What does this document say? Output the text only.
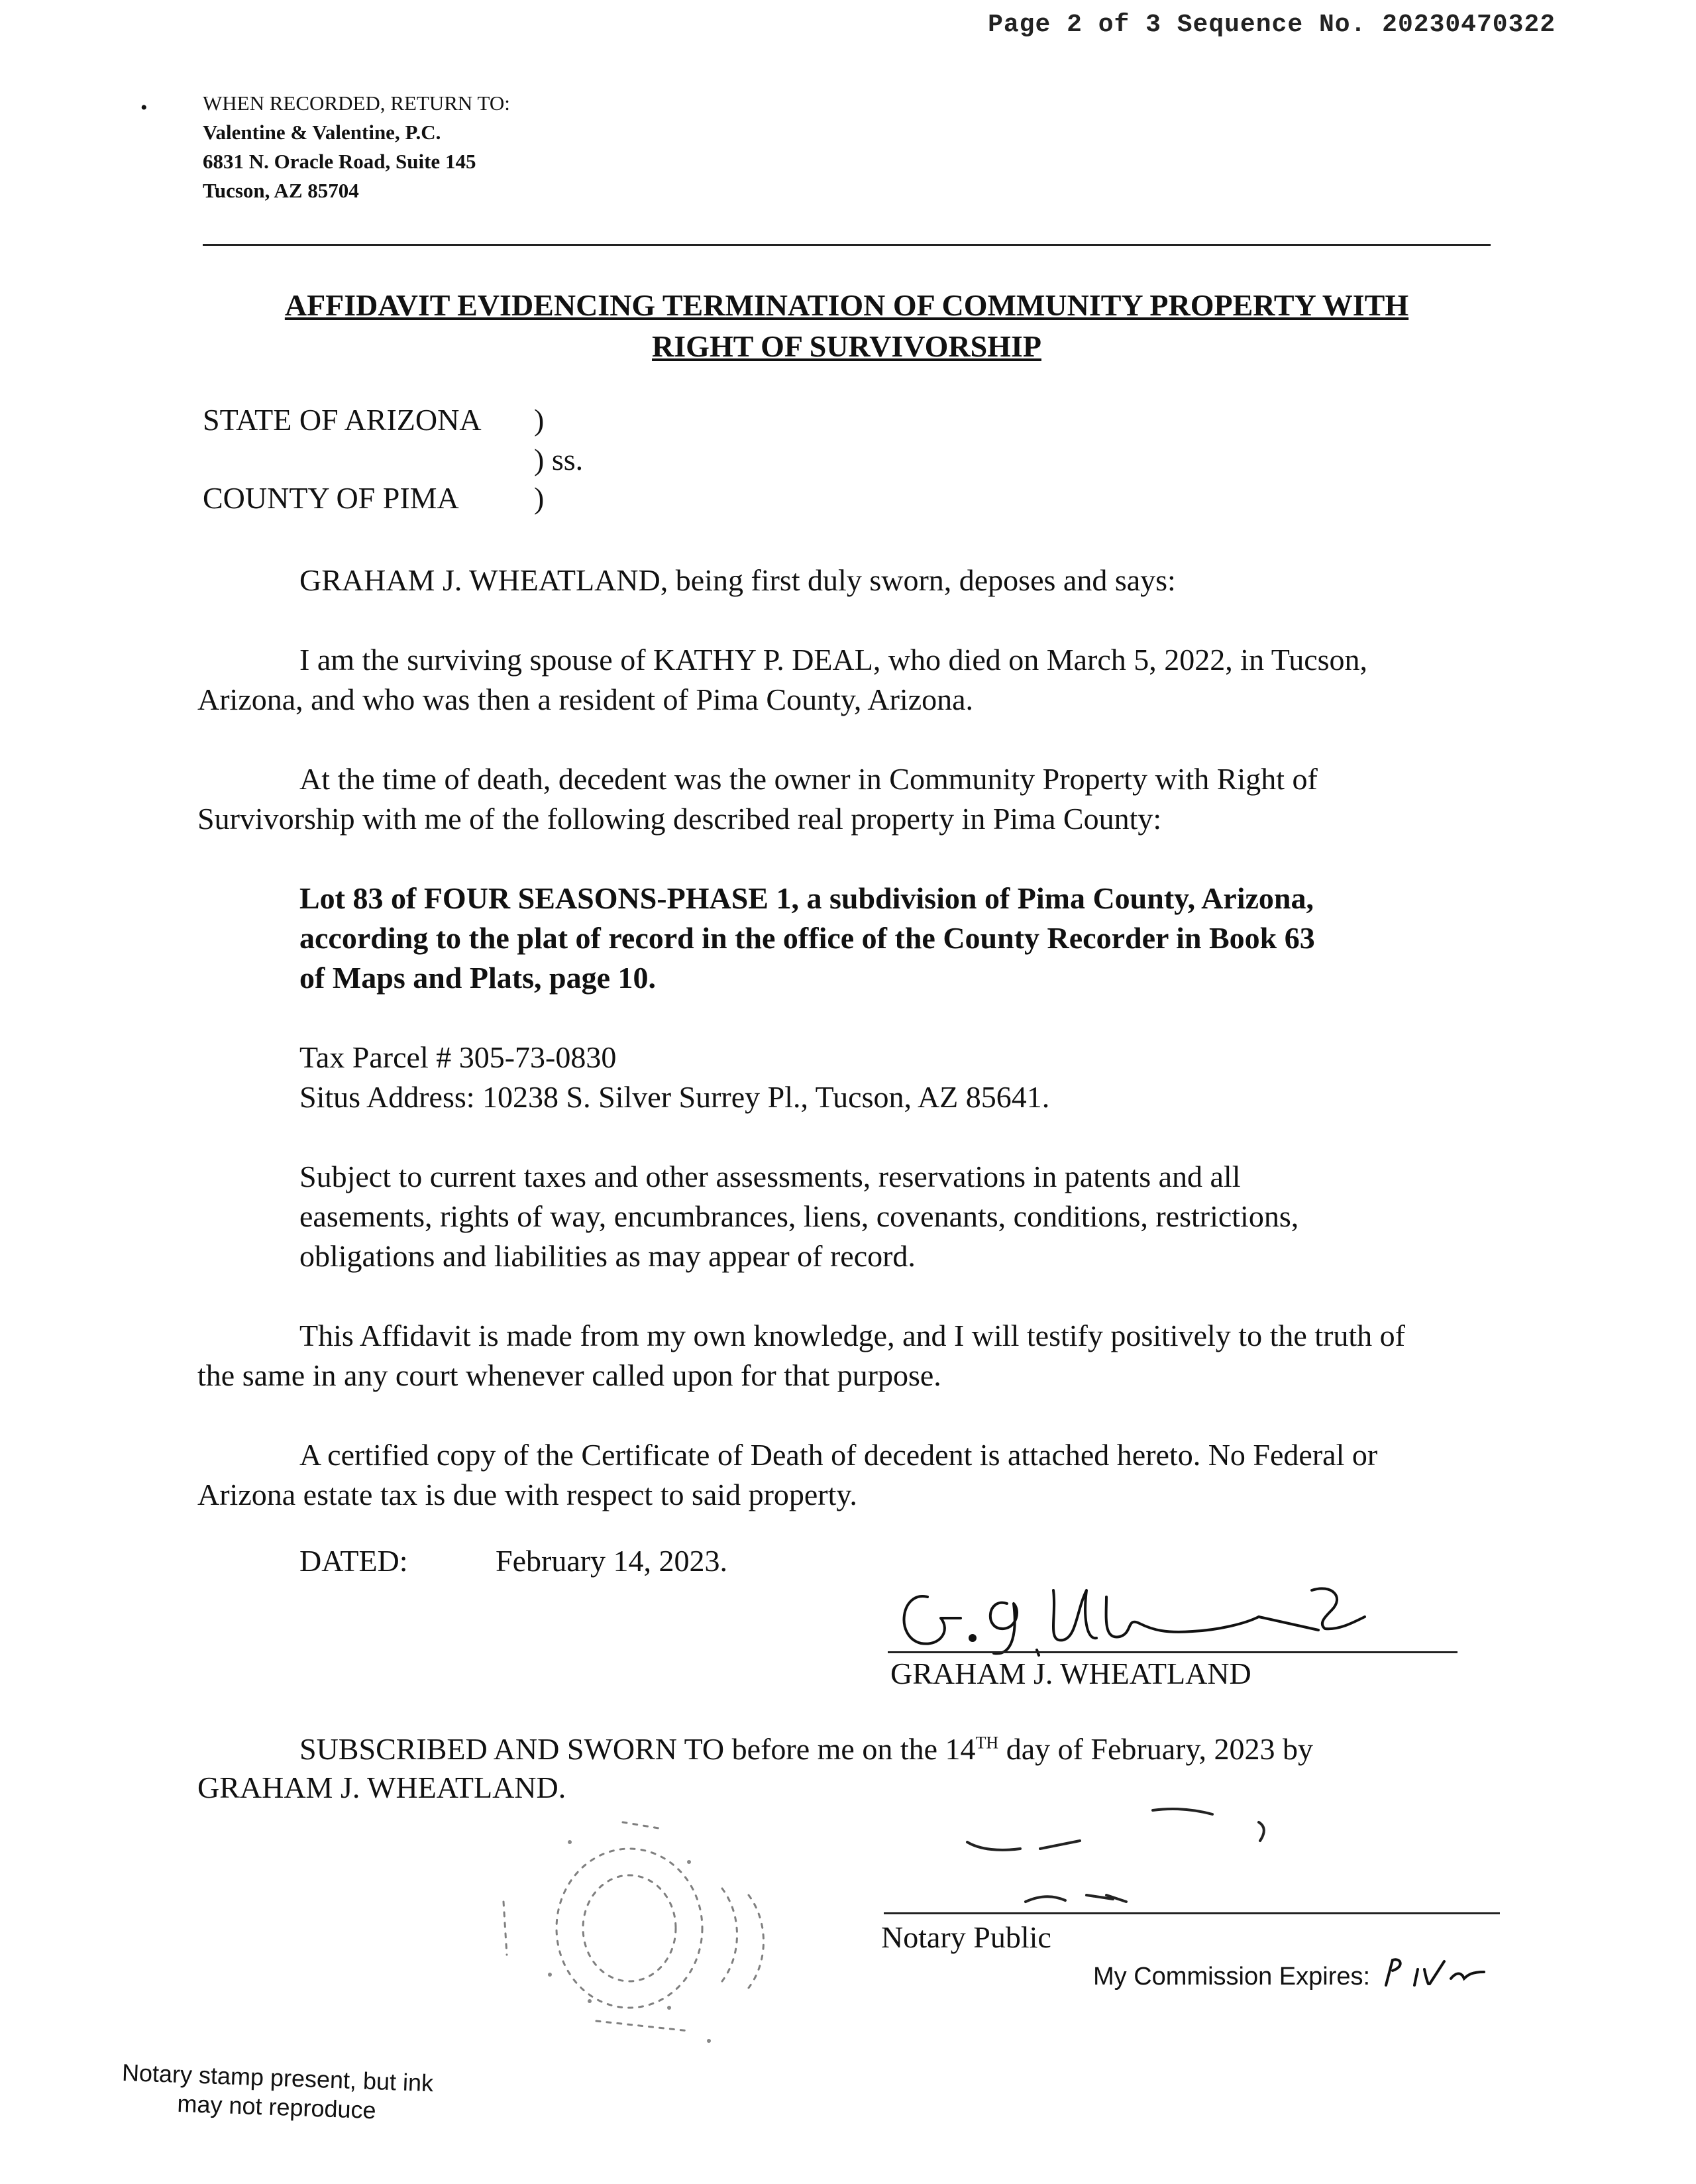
Page 2 of 3 Sequence No. 20230470322
•	WHEN RECORDED, RETURN TO:
Valentine & Valentine, P.C.
6831 N. Oracle Road, Suite 145
Tucson, AZ 85704
AFFIDAVIT EVIDENCING TERMINATION OF COMMUNITY PROPERTY WITH
RIGHT OF SURVIVORSHIP
STATE OF ARIZONA )
) ss.
COUNTY OF PIMA )
GRAHAM J. WHEATLAND, being first duly sworn, deposes and says:
I am the surviving spouse of KATHY P. DEAL, who died on March 5, 2022, in Tucson,
Arizona, and who was then a resident of Pima County, Arizona.
At the time of death, decedent was the owner in Community Property with Right of
Survivorship with me of the following described real property in Pima County:
Lot 83 of FOUR SEASONS-PHASE 1, a subdivision of Pima County, Arizona,
according to the plat of record in the office of the County Recorder in Book 63
of Maps and Plats, page 10.
Tax Parcel # 305-73-0830
Situs Address: 10238 S. Silver Surrey Pl., Tucson, AZ 85641.
Subject to current taxes and other assessments, reservations in patents and all
easements, rights of way, encumbrances, liens, covenants, conditions, restrictions,
obligations and liabilities as may appear of record.
This Affidavit is made from my own knowledge, and I will testify positively to the truth of
the same in any court whenever called upon for that purpose.
A certified copy of the Certificate of Death of decedent is attached hereto. No Federal or
Arizona estate tax is due with respect to said property.
DATED:	February 14, 2023.
GRAHAM J. WHEATLAND
SUBSCRIBED AND SWORN TO before me on the 14TH day of February, 2023 by
GRAHAM J. WHEATLAND.
Notary Public
My Commission Expires:
Notary stamp present, but ink
may not reproduce
